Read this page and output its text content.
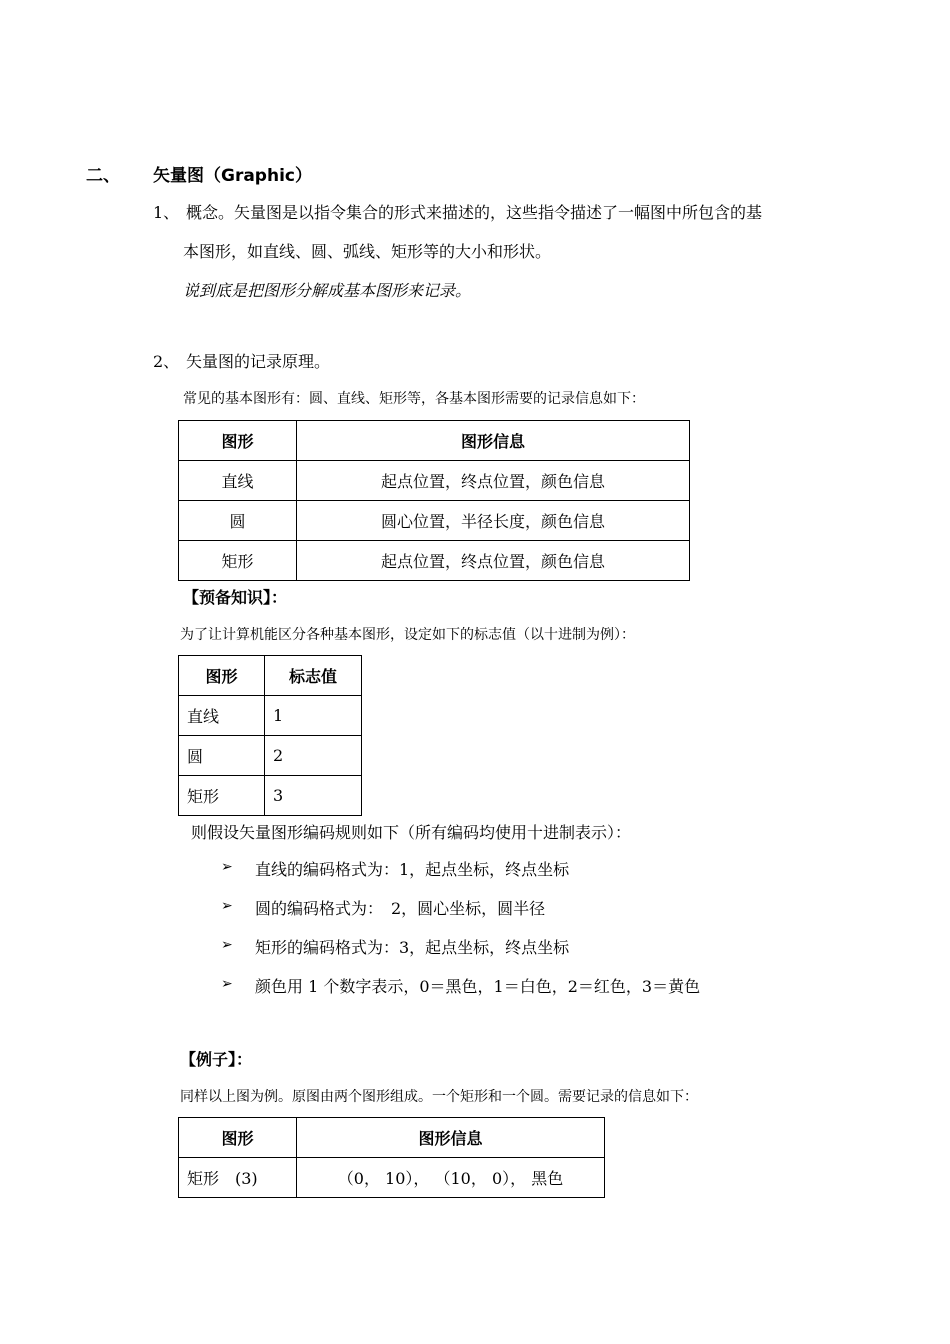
二、 矢量图（Graphic）
1、 概念。矢量图是以指令集合的形式来描述的，这些指令描述了一幅图中所包含的基
本图形，如直线、圆、弧线、矩形等的大小和形状。
说到底是把图形分解成基本图形来记录。
2、 矢量图的记录原理。
常见的基本图形有：圆、直线、矩形等，各基本图形需要的记录信息如下：
图形	图形信息
直线	起点位置，终点位置，颜色信息
圆	圆心位置，半径长度，颜色信息
矩形	起点位置，终点位置，颜色信息
【预备知识】：
为了让计算机能区分各种基本图形，设定如下的标志值（以十进制为例）：
图形	标志值
直线	1
圆	2
矩形	3
则假设矢量图形编码规则如下（所有编码均使用十进制表示）：
➢ 直线的编码格式为：1，起点坐标，终点坐标
➢ 圆的编码格式为：　2，圆心坐标，圆半径
➢ 矩形的编码格式为：3，起点坐标，终点坐标
➢ 颜色用 1 个数字表示，0＝黑色，1＝白色，2＝红色，3＝黄色
【例子】：
同样以上图为例。原图由两个图形组成。一个矩形和一个圆。需要记录的信息如下：
图形	图形信息
矩形　(3)	（0， 10）， （10， 0）， 黑色
